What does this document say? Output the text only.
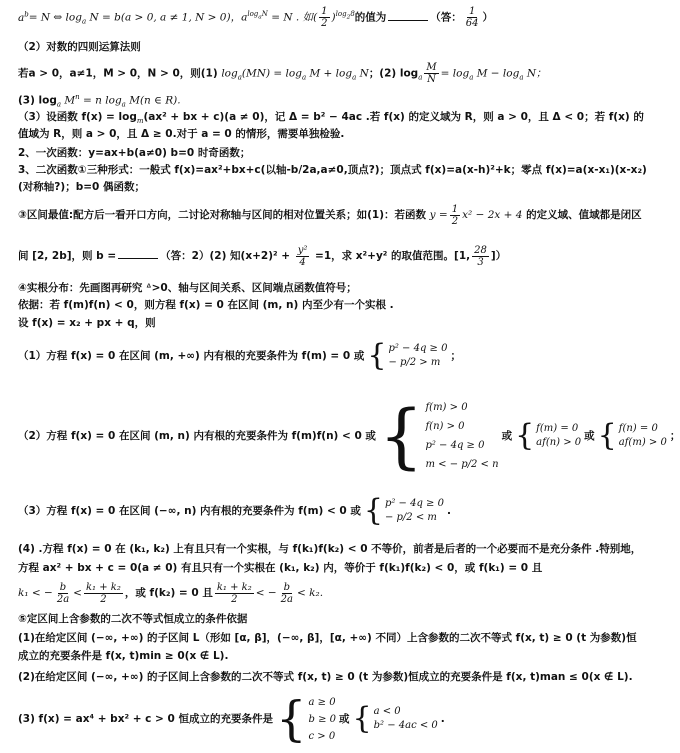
$a^b= N$ ⇔ $\log_a N = b(a > 0$, a ≠ 1, N > 0)，$a^{log_aN} = N$ . 如( $\frac{1}{2} )^{log_28}$的值为	（答： $\frac{1}{64}$ ）
（2）对数的四则运算法则
若a > 0，a≠1，M > 0，N > 0，则(1) $\log_a(MN) = \log_a M + \log_a N$；(2) $\log_a \frac{M}{N} = \log_a M - \log_a N$；
(3) $\log_a M^n = n$ $\log_a M(n$ ∈ R).
（3）设函数 $f(x) = \log_m(ax^2$ + bx + c)(a ≠ 0)，记 Δ = b² − 4ac .若 f(x) 的定义域为 R，则 a > 0，且 Δ < 0；若 f(x) 的
值域为 R，则 a > 0，且 Δ ≥ 0.对于 a = 0 的情形，需要单独检验.
2、一次函数：y=ax+b(a≠0) b=0 时奇函数；
3、二次函数①三种形式：一般式 f(x)=ax²+bx+c(以轴-b/2a,a≠0,顶点?)；顶点式 f(x)=a(x-h)²+k；零点 f(x)=a(x-x₁)(x-x₂)
(对称轴?)；b=0 偶函数；
③区间最值:配方后一看开口方向，二讨论对称轴与区间的相对位置关系；如(1)：若函数 $y = \frac{1}{2} x^2 - 2x + 4$ 的定义域、值域都是闭区
间 [2, 2b]，则 b =	（答：2）(2) 知$(x+2)^2 + \frac{\text{y²}}{4} =1$，求 x²+y² 的取值范围。[1, $\frac{28}{3}$ ]）
④实根分布：先画图再研究 ᐞ>0、轴与区间关系、区间端点函数值符号；
依据：若 f(m)f(n) < 0，则方程 f(x) = 0 在区间 (m, n) 内至少有一个实根 .
设 f(x) = x₂ + px + q，则
（1）方程 f(x) = 0 在区间 (m, +∞) 内有根的充要条件为 f(m) = 0 或 { p² − 4q ≥ 0
− p/2 > m
；
（2）方程 f(x) = 0 在区间 (m, n) 内有根的充要条件为 f(m)f(n) < 0 或 { f(m) > 0
f(n) > 0
p² − 4q ≥ 0
m < − p/2 < n
或 { f(m) = 0
af(n) > 0
或 { f(n) = 0
af(m) > 0
；
（3）方程 f(x) = 0 在区间 (−∞, n) 内有根的充要条件为 f(m) < 0 或 { p² − 4q ≥ 0
− p/2 < m
.
(4) .方程 f(x) = 0 在 (k₁, k₂) 上有且只有一个实根，与 f(k₁)f(k₂) < 0 不等价，前者是后者的一个必要而不是充分条件 .特别地，
方程 ax² + bx + c = 0(a ≠ 0) 有且只有一个实根在 (k₁, k₂) 内，等价于 f(k₁)f(k₂) < 0，或 f(k₁) = 0 且
k₁ < − $\frac{b}{2a} < \frac{\text{k₁ + k₂}}{2}$ ，或 f(k₂) = 0 且 $\frac{\text{k₁ + k₂}}{2}$ < − $\frac{b}{2a} < k_2$.
⑤定区间上含参数的二次不等式恒成立的条件依据
(1)在给定区间 (−∞, +∞) 的子区间 L（形如 [α, β]，(−∞, β]，[α, +∞) 不同）上含参数的二次不等式 f(x, t) ≥ 0 (t 为参数)恒
成立的充要条件是 f(x, t)min ≥ 0(x ∉ L).
(2)在给定区间 (−∞, +∞) 的子区间上含参数的二次不等式 f(x, t) ≥ 0 (t 为参数)恒成立的充要条件是 f(x, t)man ≤ 0(x ∉ L).
(3) f(x) = ax⁴ + bx² + c > 0 恒成立的充要条件是 { a ≥ 0
b ≥ 0
c > 0
或 { a < 0
b² − 4ac < 0
.
